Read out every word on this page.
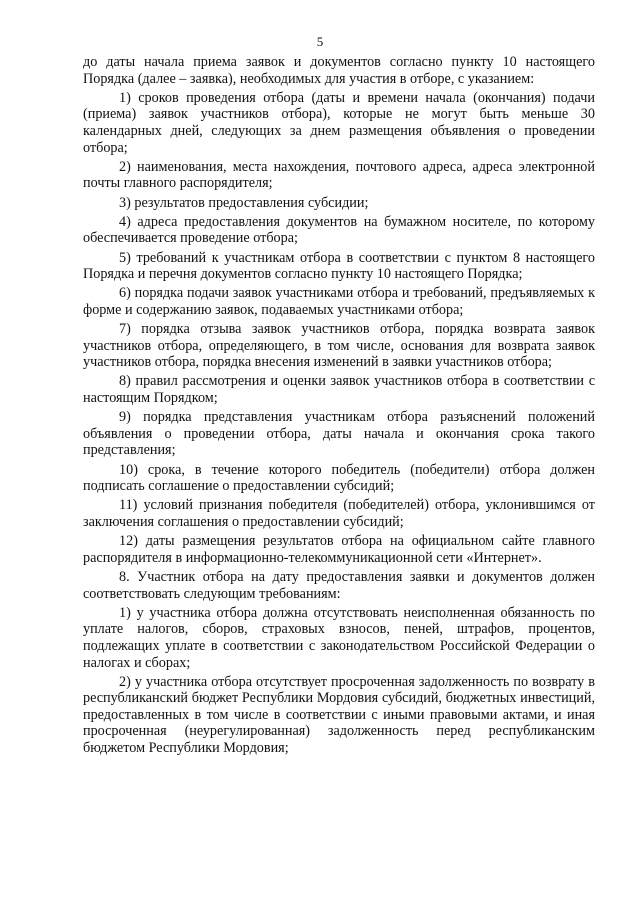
5

до даты начала приема заявок и документов согласно пункту 10 настоящего Порядка (далее – заявка), необходимых для участия в отборе, с указанием:

1) сроков проведения отбора (даты и времени начала (окончания) подачи (приема) заявок участников отбора), которые не могут быть меньше 30 календарных дней, следующих за днем размещения объявления о проведении отбора;

2) наименования, места нахождения, почтового адреса, адреса электронной почты главного распорядителя;

3) результатов предоставления субсидии;

4) адреса предоставления документов на бумажном носителе, по которому обеспечивается проведение отбора;

5) требований к участникам отбора в соответствии с пунктом 8 настоящего Порядка и перечня документов согласно пункту 10 настоящего Порядка;

6) порядка подачи заявок участниками отбора и требований, предъявляемых к форме и содержанию заявок, подаваемых участниками отбора;

7) порядка отзыва заявок участников отбора, порядка возврата заявок участников отбора, определяющего, в том числе, основания для возврата заявок участников отбора, порядка внесения изменений в заявки участников отбора;

8) правил рассмотрения и оценки заявок участников отбора в соответствии с настоящим Порядком;

9) порядка представления участникам отбора разъяснений положений объявления о проведении отбора, даты начала и окончания срока такого представления;

10) срока, в течение которого победитель (победители) отбора должен подписать соглашение о предоставлении субсидий;

11) условий признания победителя (победителей) отбора, уклонившимся от заключения соглашения о предоставлении субсидий;

12) даты размещения результатов отбора на официальном сайте главного распорядителя в информационно-телекоммуникационной сети «Интернет».

8. Участник отбора на дату предоставления заявки и документов должен соответствовать следующим требованиям:

1) у участника отбора должна отсутствовать неисполненная обязанность по уплате налогов, сборов, страховых взносов, пеней, штрафов, процентов, подлежащих уплате в соответствии с законодательством Российской Федерации о налогах и сборах;

2) у участника отбора отсутствует просроченная задолженность по возврату в республиканский бюджет Республики Мордовия субсидий, бюджетных инвестиций, предоставленных в том числе в соответствии с иными правовыми актами, и иная просроченная (неурегулированная) задолженность перед республиканским бюджетом Республики Мордовия;
